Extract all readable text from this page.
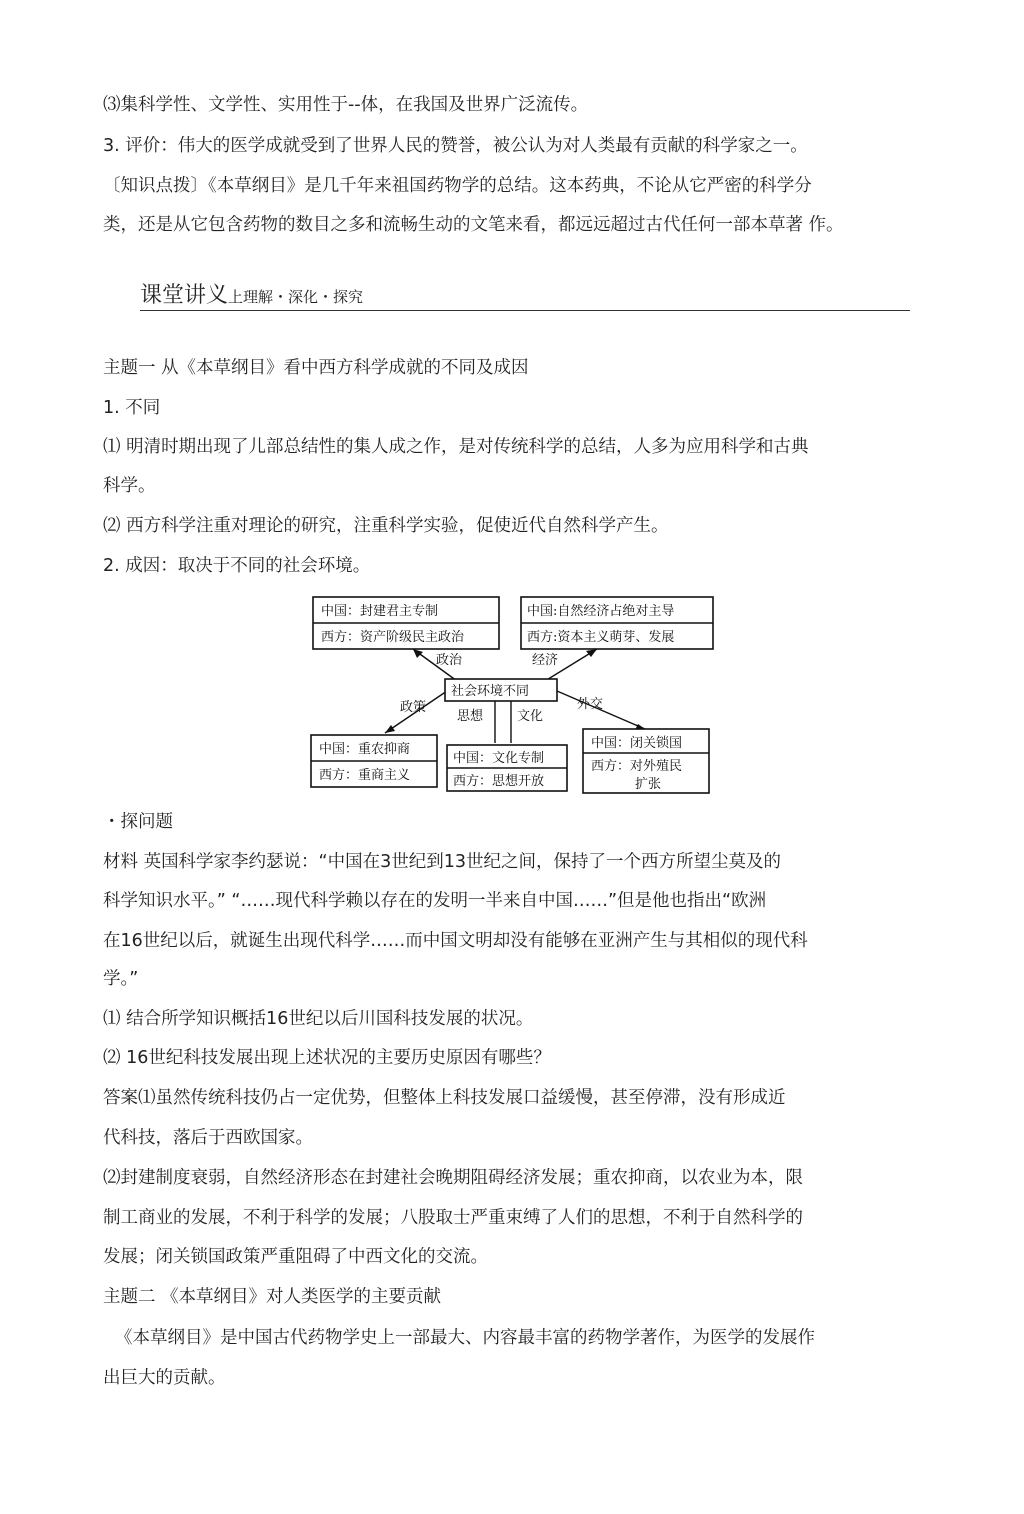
⑶集科学性、文学性、实用性于--体，在我国及世界广泛流传。
3. 评价：伟大的医学成就受到了世界人民的赞誉，被公认为对人类最有贡献的科学家之一。
〔知识点拨〕《本草纲目》是几千年来祖国药物学的总结。这本药典，不论从它严密的科学分
类，还是从它包含药物的数目之多和流畅生动的文笔来看，都远远超过古代任何一部本草著 作。
课堂讲义上理解・深化・探究
主题一 从《本草纲目》看中西方科学成就的不同及成因
1. 不同
⑴ 明清时期出现了儿部总结性的集人成之作，是对传统科学的总结，人多为应用科学和古典
科学。
⑵ 西方科学注重对理论的研究，注重科学实验，促使近代自然科学产生。
2. 成因：取决于不同的社会环境。
中国：封建君主专制
西方：资产阶级民主政治
中国:自然经济占绝对主导
西方:资本主义萌芽、发展
政治	经济
社会环境不同
政策
思想	文化
外交
中国：重农抑商
西方：重商主义
中国：文化专制
西方：思想开放
中国：闭关锁国
西方：对外殖民
扩张
・探问题
材料 英国科学家李约瑟说：“中国在3世纪到13世纪之间，保持了一个西方所望尘莫及的
科学知识水平。” “……现代科学赖以存在的发明一半来自中国……”但是他也指出“欧洲
在16世纪以后，就诞生出现代科学……而中国文明却没有能够在亚洲产生与其相似的现代科
学。”
⑴ 结合所学知识概括16世纪以后川国科技发展的状况。
⑵ 16世纪科技发展出现上述状况的主要历史原因有哪些？
答案⑴虽然传统科技仍占一定优势，但整体上科技发展口益缓慢，甚至停滞，没有形成近
代科技，落后于西欧国家。
⑵封建制度衰弱，自然经济形态在封建社会晚期阻碍经济发展；重农抑商，以农业为本，限
制工商业的发展，不利于科学的发展；八股取士严重束缚了人们的思想，不利于自然科学的
发展；闭关锁国政策严重阻碍了中西文化的交流。
主题二 《本草纲目》对人类医学的主要贡献
《本草纲目》是中国古代药物学史上一部最大、内容最丰富的药物学著作，为医学的发展作
出巨大的贡献。
